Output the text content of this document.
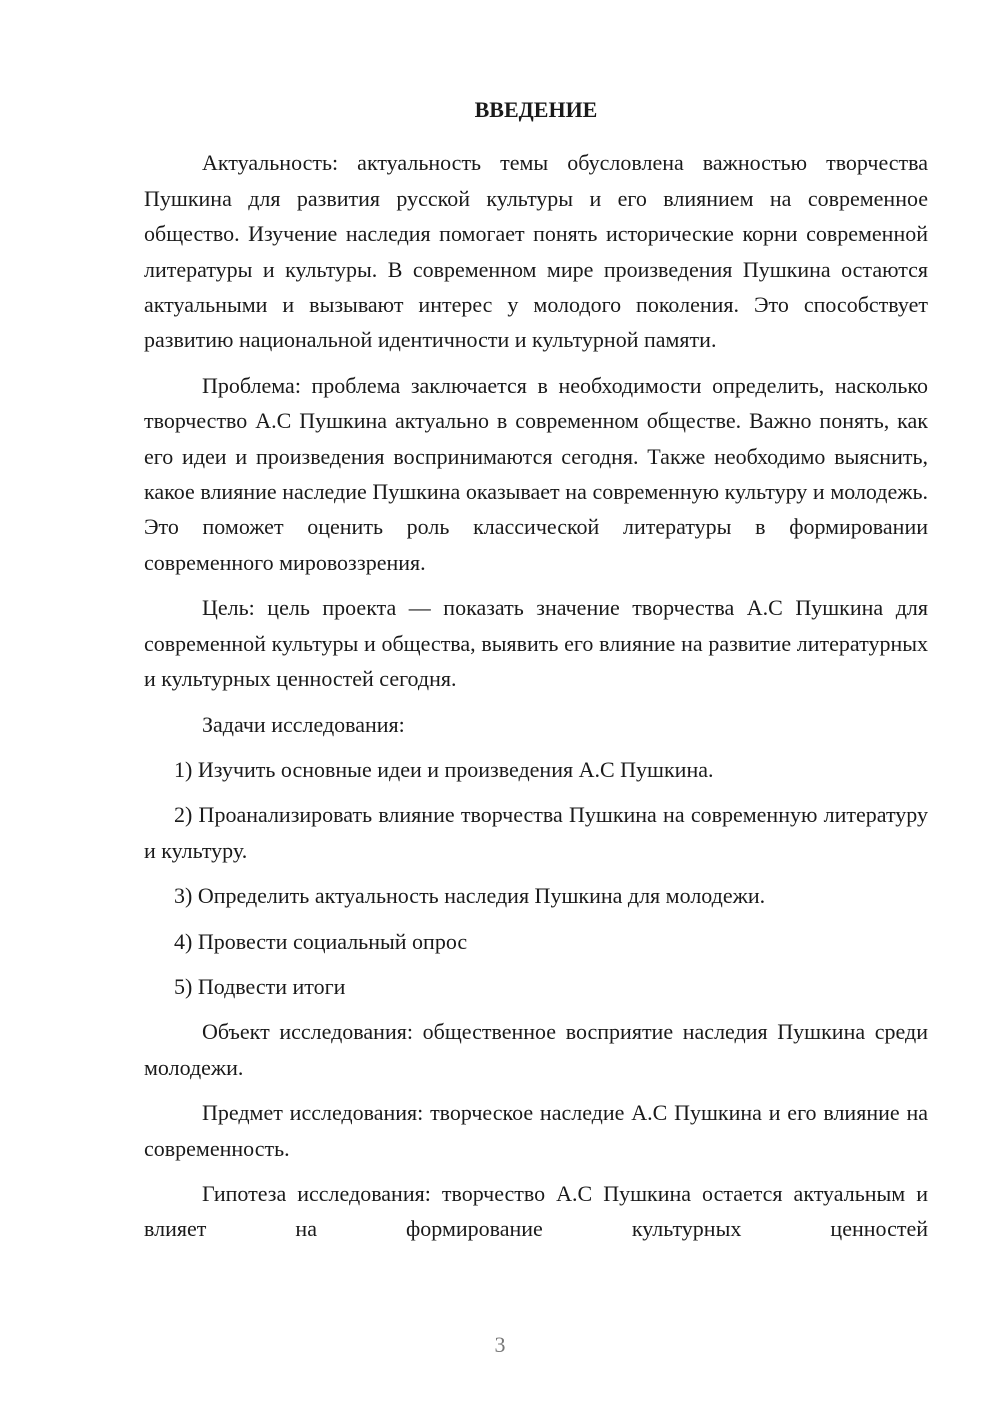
ВВЕДЕНИЕ

Актуальность: актуальность темы обусловлена важностью творчества Пушкина для развития русской культуры и его влиянием на современное общество. Изучение наследия помогает понять исторические корни современной литературы и культуры. В современном мире произведения Пушкина остаются актуальными и вызывают интерес у молодого поколения. Это способствует развитию национальной идентичности и культурной памяти.

Проблема: проблема заключается в необходимости определить, насколько творчество А.С Пушкина актуально в современном обществе. Важно понять, как его идеи и произведения воспринимаются сегодня. Также необходимо выяснить, какое влияние наследие Пушкина оказывает на современную культуру и молодежь. Это поможет оценить роль классической литературы в формировании современного мировоззрения.

Цель: цель проекта — показать значение творчества А.С Пушкина для современной культуры и общества, выявить его влияние на развитие литературных и культурных ценностей сегодня.

Задачи исследования:

1) Изучить основные идеи и произведения А.С Пушкина.

2) Проанализировать влияние творчества Пушкина на современную литературу и культуру.

3) Определить актуальность наследия Пушкина для молодежи.

4) Провести социальный опрос

5) Подвести итоги

Объект исследования: общественное восприятие наследия Пушкина среди молодежи.

Предмет исследования: творческое наследие А.С Пушкина и его влияние на современность.

Гипотеза исследования: творчество А.С Пушкина остается актуальным и влияет на формирование культурных ценностей

3
